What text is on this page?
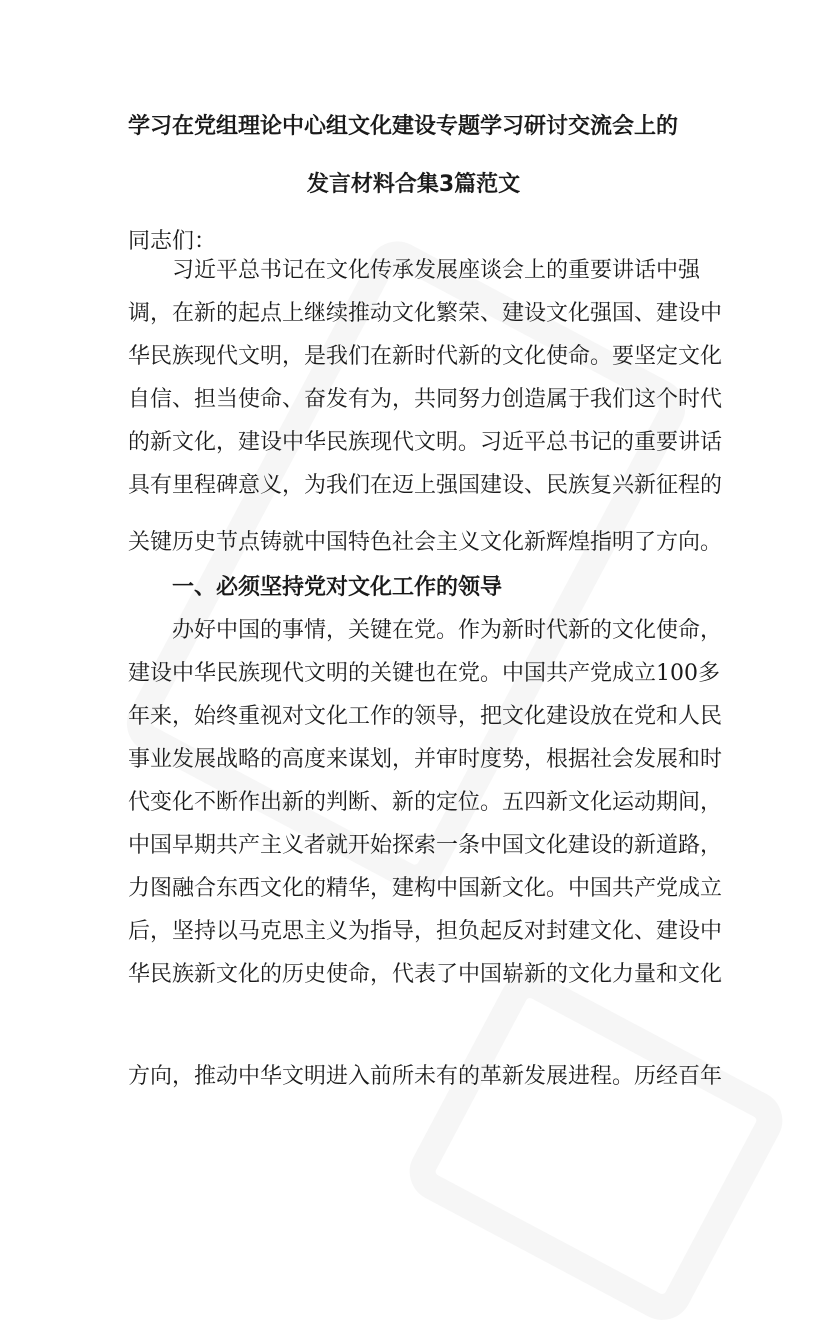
学习在党组理论中心组文化建设专题学习研讨交流会上的
发言材料合集3篇范文
同志们：
一、必须坚持党对文化工作的领导
习近平总书记在文化传承发展座谈会上的重要讲话中强
调，在新的起点上继续推动文化繁荣、建设文化强国、建设中
华民族现代文明，是我们在新时代新的文化使命。要坚定文化
自信、担当使命、奋发有为，共同努力创造属于我们这个时代
的新文化，建设中华民族现代文明。习近平总书记的重要讲话
具有里程碑意义，为我们在迈上强国建设、民族复兴新征程的
关键历史节点铸就中国特色社会主义文化新辉煌指明了方向。
办好中国的事情，关键在党。作为新时代新的文化使命，
建设中华民族现代文明的关键也在党。中国共产党成立100多
年来，始终重视对文化工作的领导，把文化建设放在党和人民
事业发展战略的高度来谋划，并审时度势，根据社会发展和时
代变化不断作出新的判断、新的定位。五四新文化运动期间，
中国早期共产主义者就开始探索一条中国文化建设的新道路，
力图融合东西文化的精华，建构中国新文化。中国共产党成立
后，坚持以马克思主义为指导，担负起反对封建文化、建设中
华民族新文化的历史使命，代表了中国崭新的文化力量和文化
方向，推动中华文明进入前所未有的革新发展进程。历经百年
